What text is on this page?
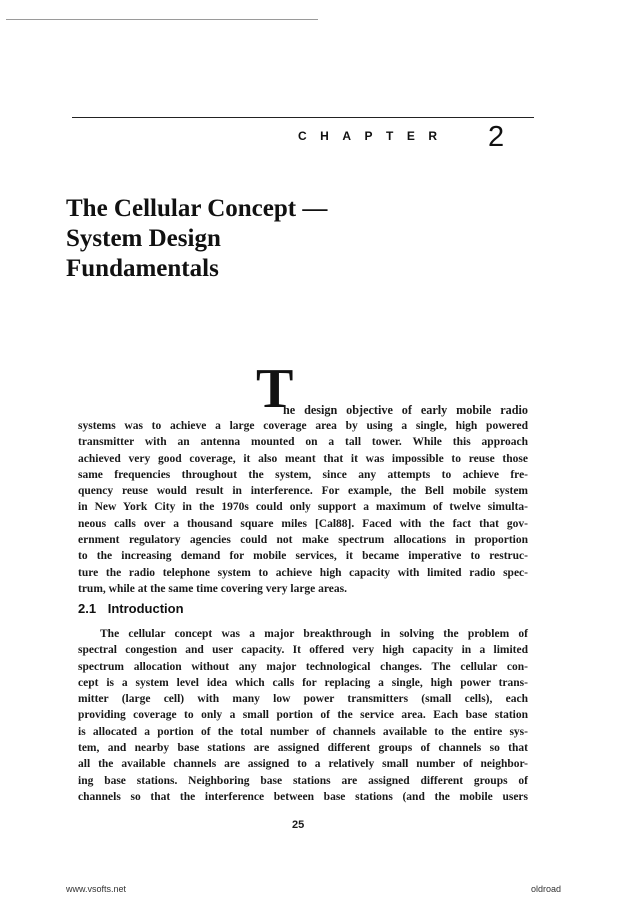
CHAPTER 2
The Cellular Concept —
System Design
Fundamentals
T
he design objective of early mobile radio
systems was to achieve a large coverage area by using a single, high powered
transmitter with an antenna mounted on a tall tower. While this approach
achieved very good coverage, it also meant that it was impossible to reuse those
same frequencies throughout the system, since any attempts to achieve fre-
quency reuse would result in interference. For example, the Bell mobile system
in New York City in the 1970s could only support a maximum of twelve simulta-
neous calls over a thousand square miles [Cal88]. Faced with the fact that gov-
ernment regulatory agencies could not make spectrum allocations in proportion
to the increasing demand for mobile services, it became imperative to restruc-
ture the radio telephone system to achieve high capacity with limited radio spec-
trum, while at the same time covering very large areas.
2.1 Introduction
The cellular concept was a major breakthrough in solving the problem of
spectral congestion and user capacity. It offered very high capacity in a limited
spectrum allocation without any major technological changes. The cellular con-
cept is a system level idea which calls for replacing a single, high power trans-
mitter (large cell) with many low power transmitters (small cells), each
providing coverage to only a small portion of the service area. Each base station
is allocated a portion of the total number of channels available to the entire sys-
tem, and nearby base stations are assigned different groups of channels so that
all the available channels are assigned to a relatively small number of neighbor-
ing base stations. Neighboring base stations are assigned different groups of
channels so that the interference between base stations (and the mobile users
25
www.vsofts.net	oldroad
